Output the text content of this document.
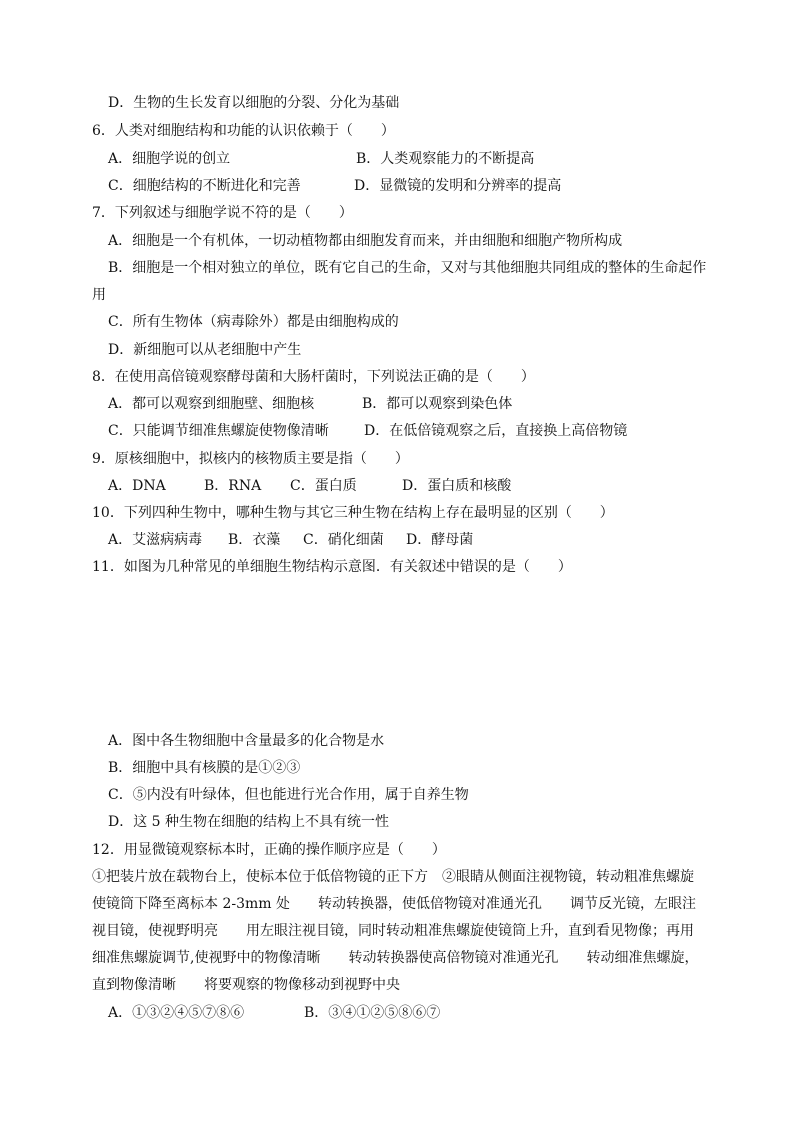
D．生物的生长发育以细胞的分裂、分化为基础
6．人类对细胞结构和功能的认识依赖于（　　）
A．细胞学说的创立	B．人类观察能力的不断提高
C．细胞结构的不断进化和完善	D．显微镜的发明和分辨率的提高
7．下列叙述与细胞学说不符的是（　　）
A．细胞是一个有机体，一切动植物都由细胞发育而来，并由细胞和细胞产物所构成
B．细胞是一个相对独立的单位，既有它自己的生命，又对与其他细胞共同组成的整体的生命起作
用
C．所有生物体（病毒除外）都是由细胞构成的
D．新细胞可以从老细胞中产生
8．在使用高倍镜观察酵母菌和大肠杆菌时，下列说法正确的是（　　）
A．都可以观察到细胞壁、细胞核	B．都可以观察到染色体
C．只能调节细准焦螺旋使物像清晰	D．在低倍镜观察之后，直接换上高倍物镜
9．原核细胞中，拟核内的核物质主要是指（　　）
A．DNA	B．RNA C．蛋白质	D．蛋白质和核酸
10．下列四种生物中，哪种生物与其它三种生物在结构上存在最明显的区别（　　）
A．艾滋病病毒 B．衣藻 C．硝化细菌 D．酵母菌
11．如图为几种常见的单细胞生物结构示意图．有关叙述中错误的是（　　）
A．图中各生物细胞中含量最多的化合物是水
B．细胞中具有核膜的是①②③
C．⑤内没有叶绿体，但也能进行光合作用，属于自养生物
D．这 5 种生物在细胞的结构上不具有统一性
12．用显微镜观察标本时，正确的操作顺序应是（　　）
①把装片放在载物台上，使标本位于低倍物镜的正下方　②眼睛从侧面注视物镜，转动粗准焦螺旋
使镜筒下降至离标本 2-3mm 处　　转动转换器，使低倍物镜对准通光孔　　调节反光镜，左眼注
视目镜，使视野明亮　　用左眼注视目镜，同时转动粗准焦螺旋使镜筒上升，直到看见物像；再用
细准焦螺旋调节,使视野中的物像清晰　　转动转换器使高倍物镜对准通光孔　　转动细准焦螺旋，
直到物像清晰　　将要观察的物像移动到视野中央
A．①③②④⑤⑦⑧⑥	B．③④①②⑤⑧⑥⑦
